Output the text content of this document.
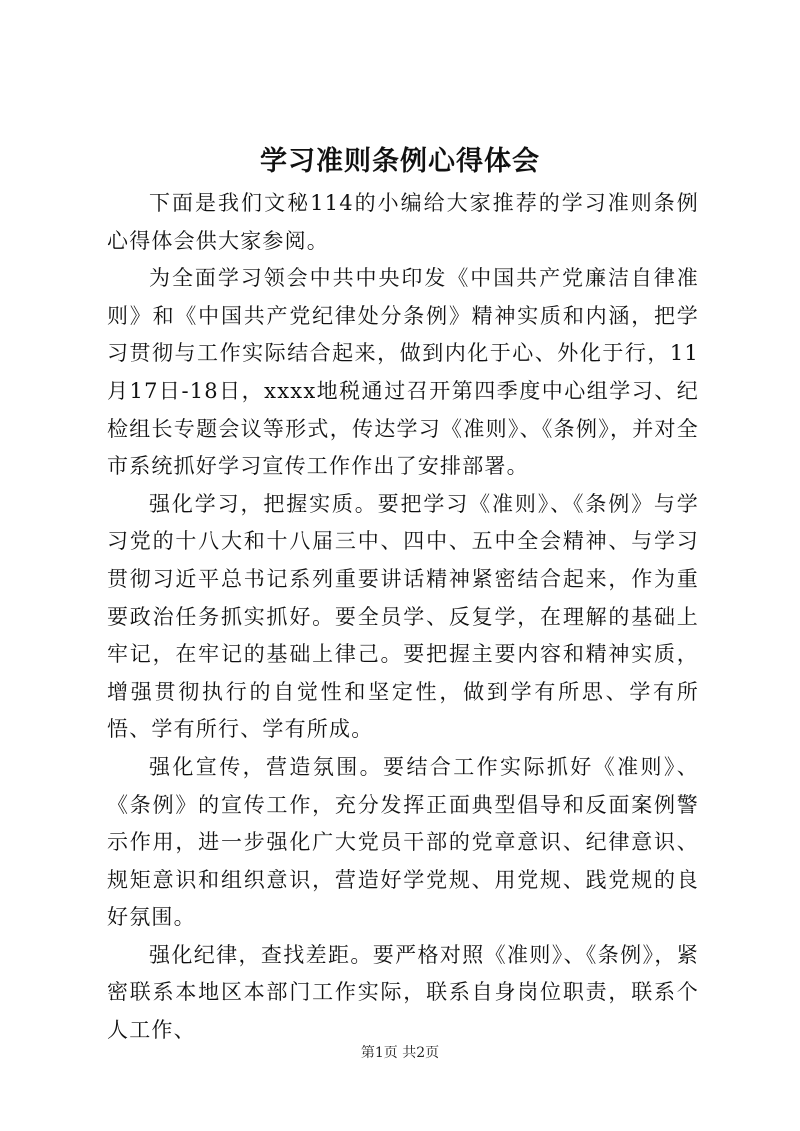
学习准则条例心得体会

下面是我们文秘114的小编给大家推荐的学习准则条例心得体会供大家参阅。

为全面学习领会中共中央印发《中国共产党廉洁自律准则》和《中国共产党纪律处分条例》精神实质和内涵，把学习贯彻与工作实际结合起来，做到内化于心、外化于行，11月17日-18日，xxxx地税通过召开第四季度中心组学习、纪检组长专题会议等形式，传达学习《准则》、《条例》，并对全市系统抓好学习宣传工作作出了安排部署。

强化学习，把握实质。要把学习《准则》、《条例》与学习党的十八大和十八届三中、四中、五中全会精神、与学习贯彻习近平总书记系列重要讲话精神紧密结合起来，作为重要政治任务抓实抓好。要全员学、反复学，在理解的基础上牢记，在牢记的基础上律己。要把握主要内容和精神实质，增强贯彻执行的自觉性和坚定性，做到学有所思、学有所悟、学有所行、学有所成。

强化宣传，营造氛围。要结合工作实际抓好《准则》、《条例》的宣传工作，充分发挥正面典型倡导和反面案例警示作用，进一步强化广大党员干部的党章意识、纪律意识、规矩意识和组织意识，营造好学党规、用党规、践党规的良好氛围。

强化纪律，查找差距。要严格对照《准则》、《条例》，紧密联系本地区本部门工作实际，联系自身岗位职责，联系个人工作、

第1页 共2页
